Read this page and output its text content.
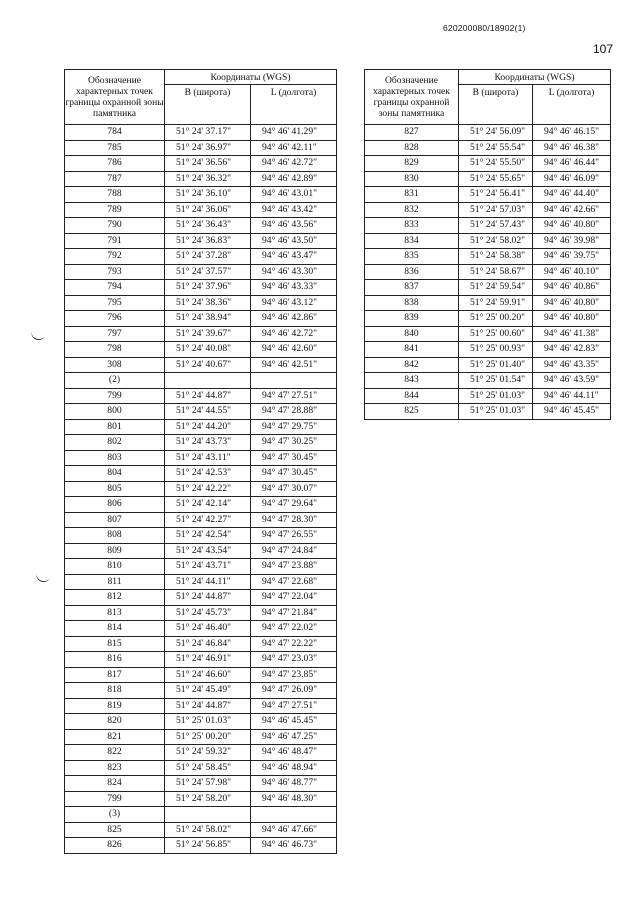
620200080/18902(1)
107
Обозначение характерных точек границы охранной зоны памятника	Координаты (WGS)	
	B (широта)	L (долгота)
784	51° 24' 37.17"	94° 46' 41.29"
785	51° 24' 36.97"	94° 46' 42.11"
786	51° 24' 36.56"	94° 46' 42.72"
787	51° 24' 36.32"	94° 46' 42.89"
788	51° 24' 36.10"	94° 46' 43.01"
789	51° 24' 36.06"	94° 46' 43.42"
790	51° 24' 36.43"	94° 46' 43.56"
791	51° 24' 36.83"	94° 46' 43.50"
792	51° 24' 37.28"	94° 46' 43.47"
793	51° 24' 37.57"	94° 46' 43.30"
794	51° 24' 37.96"	94° 46' 43.33"
795	51° 24' 38.36"	94° 46' 43.12"
796	51° 24' 38.94"	94° 46' 42.86"
797	51° 24' 39.67"	94° 46' 42.72"
798	51° 24' 40.08"	94° 46' 42.60"
308	51° 24' 40.67"	94° 46' 42.51"
(2)		
799	51° 24' 44.87"	94° 47' 27.51"
800	51° 24' 44.55"	94° 47' 28.88"
801	51° 24' 44.20"	94° 47' 29.75"
802	51° 24' 43.73"	94° 47' 30.25"
803	51° 24' 43.11"	94° 47' 30.45"
804	51° 24' 42.53"	94° 47' 30.45"
805	51° 24' 42.22"	94° 47' 30.07"
806	51° 24' 42.14"	94° 47' 29.64"
807	51° 24' 42.27"	94° 47' 28.30"
808	51° 24' 42.54"	94° 47' 26.55"
809	51° 24' 43.54"	94° 47' 24.84"
810	51° 24' 43.71"	94° 47' 23.88"
811	51° 24' 44.11"	94° 47' 22.68"
812	51° 24' 44.87"	94° 47' 22.04"
813	51° 24' 45.73"	94° 47' 21.84"
814	51° 24' 46.40"	94° 47' 22.02"
815	51° 24' 46.84"	94° 47' 22.22"
816	51° 24' 46.91"	94° 47' 23.03"
817	51° 24' 46.60"	94° 47' 23.85"
818	51° 24' 45.49"	94° 47' 26.09"
819	51° 24' 44.87"	94° 47' 27.51"
820	51° 25' 01.03"	94° 46' 45.45"
821	51° 25' 00.20"	94° 46' 47.25"
822	51° 24' 59.32"	94° 46' 48.47"
823	51° 24' 58.45"	94° 46' 48.94"
824	51° 24' 57.98"	94° 46' 48.77"
799	51° 24' 58.20"	94° 46' 48.30"
(3)		
825	51° 24' 58.02"	94° 46' 47.66"
826	51° 24' 56.85"	94° 46' 46.73"
Обозначение характерных точек границы охранной зоны памятника	Координаты (WGS)	
	B (широта)	L (долгота)
827	51° 24' 56.09"	94° 46' 46.15"
828	51° 24' 55.54"	94° 46' 46.38"
829	51° 24' 55.50"	94° 46' 46.44"
830	51° 24' 55.65"	94° 46' 46.09"
831	51° 24' 56.41"	94° 46' 44.40"
832	51° 24' 57.03"	94° 46' 42.66"
833	51° 24' 57.43"	94° 46' 40.80"
834	51° 24' 58.02"	94° 46' 39.98"
835	51° 24' 58.38"	94° 46' 39.75"
836	51° 24' 58.67"	94° 46' 40.10"
837	51° 24' 59.54"	94° 46' 40.86"
838	51° 24' 59.91"	94° 46' 40.80"
839	51° 25' 00.20"	94° 46' 40.80"
840	51° 25' 00.60"	94° 46' 41.38"
841	51° 25' 00.93"	94° 46' 42.83"
842	51° 25' 01.40"	94° 46' 43.35"
843	51° 25' 01.54"	94° 46' 43.59"
844	51° 25' 01.03"	94° 46' 44.11"
825	51° 25' 01.03"	94° 46' 45.45"
